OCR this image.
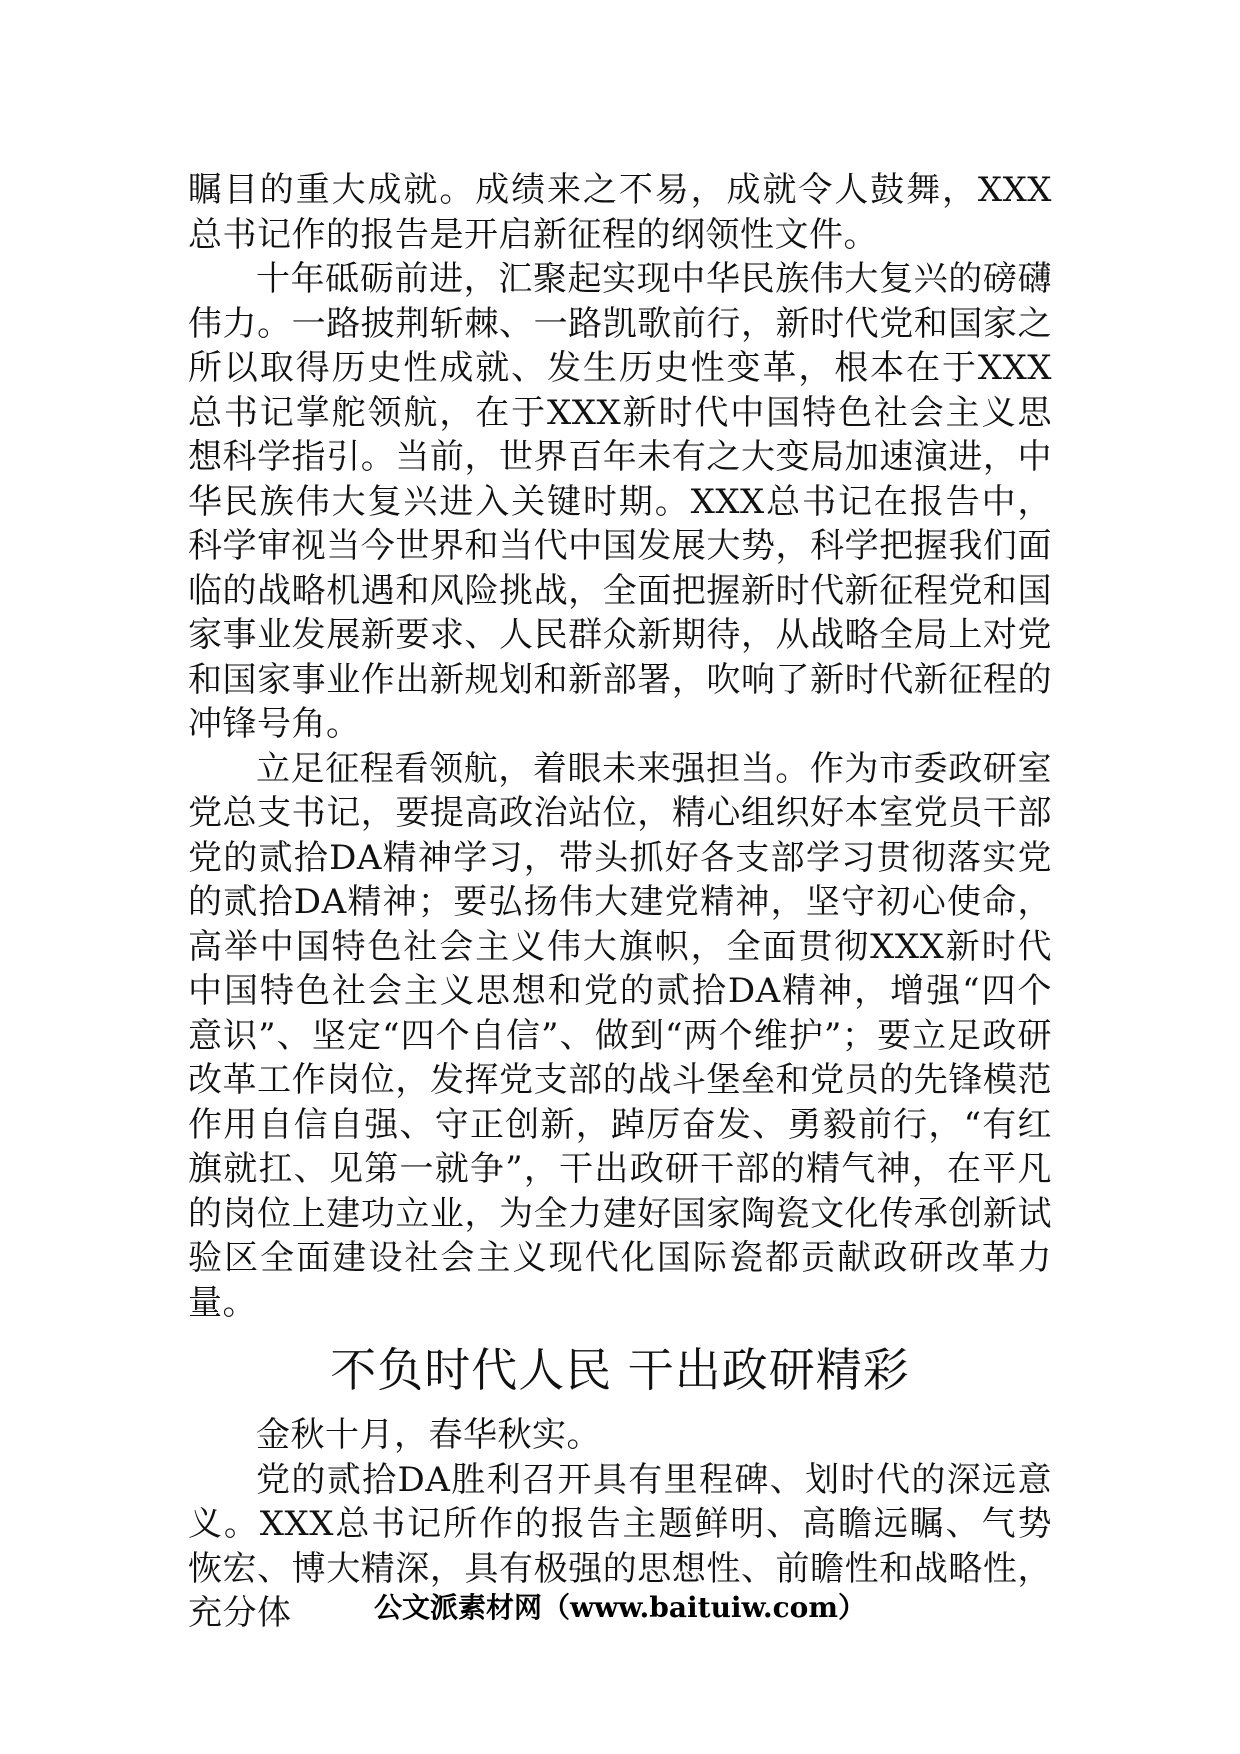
瞩目的重大成就。成绩来之不易，成就令人鼓舞，XXX总书记作的报告是开启新征程的纲领性文件。

十年砥砺前进，汇聚起实现中华民族伟大复兴的磅礴伟力。一路披荆斩棘、一路凯歌前行，新时代党和国家之所以取得历史性成就、发生历史性变革，根本在于XXX总书记掌舵领航，在于XXX新时代中国特色社会主义思想科学指引。当前，世界百年未有之大变局加速演进，中华民族伟大复兴进入关键时期。XXX总书记在报告中，科学审视当今世界和当代中国发展大势，科学把握我们面临的战略机遇和风险挑战，全面把握新时代新征程党和国家事业发展新要求、人民群众新期待，从战略全局上对党和国家事业作出新规划和新部署，吹响了新时代新征程的冲锋号角。

立足征程看领航，着眼未来强担当。作为市委政研室党总支书记，要提高政治站位，精心组织好本室党员干部党的贰拾DA精神学习，带头抓好各支部学习贯彻落实党的贰拾DA精神；要弘扬伟大建党精神，坚守初心使命，高举中国特色社会主义伟大旗帜，全面贯彻XXX新时代中国特色社会主义思想和党的贰拾DA精神，增强“四个意识”、坚定“四个自信”、做到“两个维护”；要立足政研改革工作岗位，发挥党支部的战斗堡垒和党员的先锋模范作用自信自强、守正创新，踔厉奋发、勇毅前行，“有红旗就扛、见第一就争”，干出政研干部的精气神，在平凡的岗位上建功立业，为全力建好国家陶瓷文化传承创新试验区全面建设社会主义现代化国际瓷都贡献政研改革力量。

不负时代人民 干出政研精彩

金秋十月，春华秋实。

党的贰拾DA胜利召开具有里程碑、划时代的深远意义。XXX总书记所作的报告主题鲜明、高瞻远瞩、气势恢宏、博大精深，具有极强的思想性、前瞻性和战略性，充分体	公文派素材网（www.baituiw.com）
